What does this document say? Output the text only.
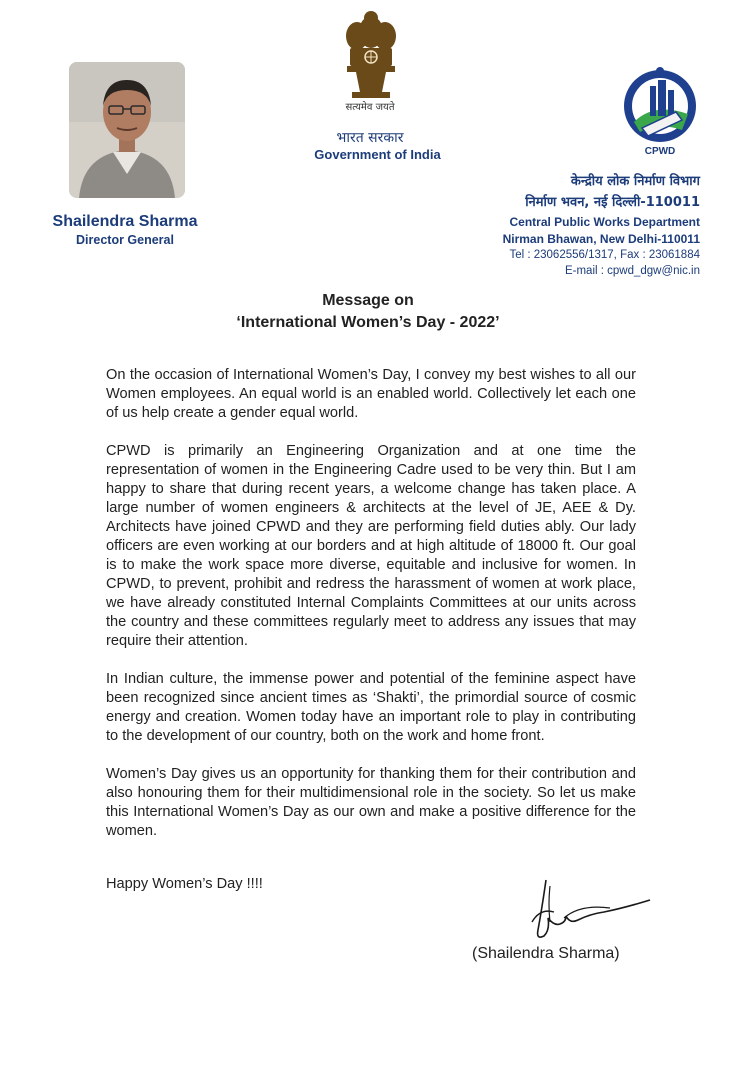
Shailendra Sharma
Director General
सत्यमेव जयते
भारत सरकार
Government of India	CPWD
केन्द्रीय लोक निर्माण विभाग
निर्माण भवन, नई दिल्ली-110011
Central Public Works Department
Nirman Bhawan, New Delhi-110011
Tel : 23062556/1317, Fax : 23061884
E-mail : cpwd_dgw@nic.in
Message on
‘International Women’s Day - 2022’

On the occasion of International Women’s Day, I convey my best wishes to all our Women employees. An equal world is an enabled world. Collectively let each one of us help create a gender equal world.

CPWD is primarily an Engineering Organization and at one time the representation of women in the Engineering Cadre used to be very thin. But I am happy to share that during recent years, a welcome change has taken place. A large number of women engineers & architects at the level of JE, AEE & Dy. Architects have joined CPWD and they are performing field duties ably. Our lady officers are even working at our borders and at high altitude of 18000 ft. Our goal is to make the work space more diverse, equitable and inclusive for women. In CPWD, to prevent, prohibit and redress the harassment of women at work place, we have already constituted Internal Complaints Committees at our units across the country and these committees regularly meet to address any issues that may require their attention.

In Indian culture, the immense power and potential of the feminine aspect have been recognized since ancient times as ‘Shakti’, the primordial source of cosmic energy and creation. Women today have an important role to play in contributing to the development of our country, both on the work and home front.

Women’s Day gives us an opportunity for thanking them for their contribution and also honouring them for their multidimensional role in the society. So let us make this International Women’s Day as our own and make a positive difference for the women.

Happy Women’s Day !!!!
(Shailendra Sharma)
